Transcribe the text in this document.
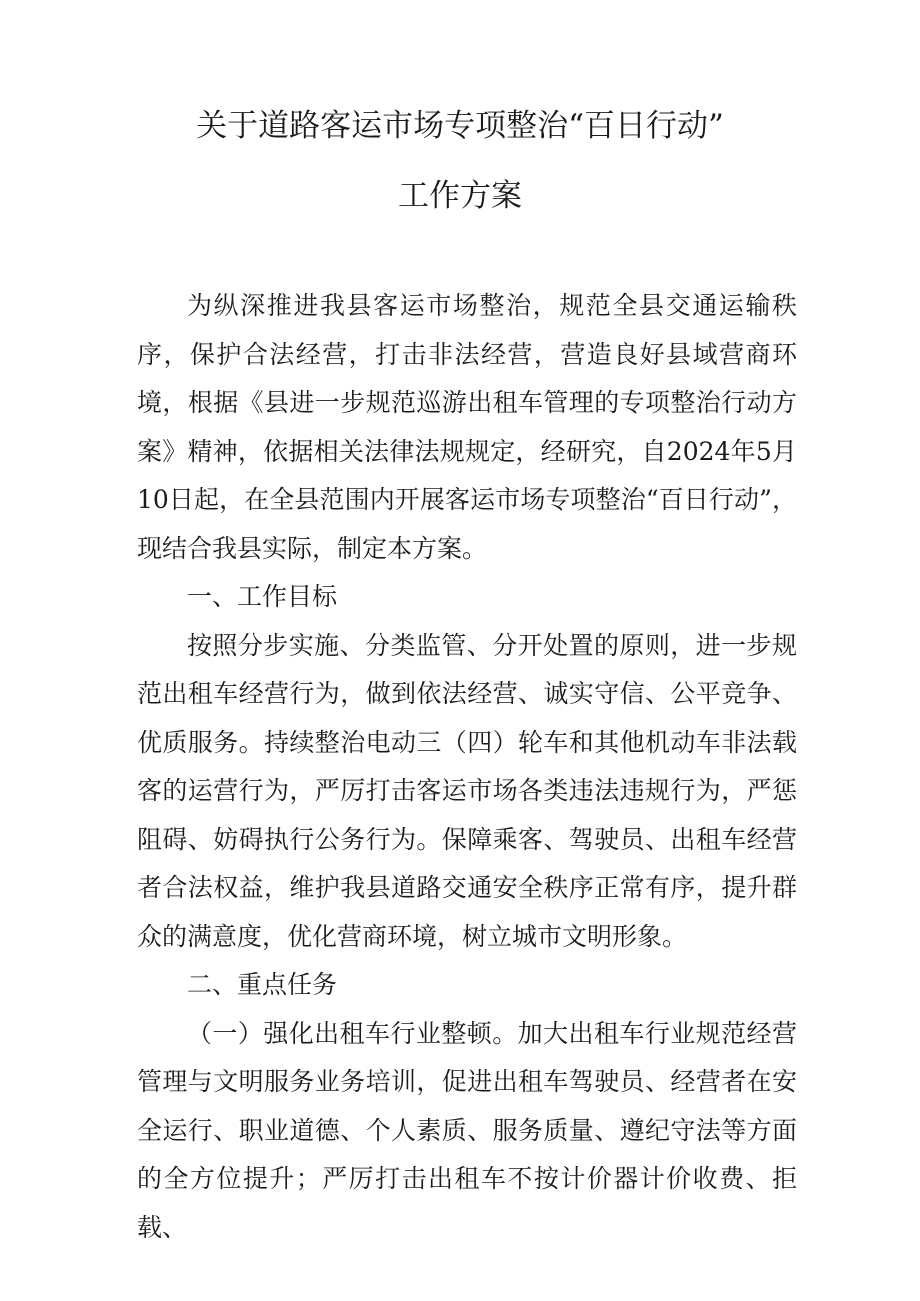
关于道路客运市场专项整治“百日行动”
工作方案

为纵深推进我县客运市场整治，规范全县交通运输秩序，保护合法经营，打击非法经营，营造良好县域营商环境，根据《县进一步规范巡游出租车管理的专项整治行动方案》精神，依据相关法律法规规定，经研究，自2024年5月10日起，在全县范围内开展客运市场专项整治“百日行动”，现结合我县实际，制定本方案。

一、工作目标

按照分步实施、分类监管、分开处置的原则，进一步规范出租车经营行为，做到依法经营、诚实守信、公平竞争、优质服务。持续整治电动三（四）轮车和其他机动车非法载客的运营行为，严厉打击客运市场各类违法违规行为，严惩阻碍、妨碍执行公务行为。保障乘客、驾驶员、出租车经营者合法权益，维护我县道路交通安全秩序正常有序，提升群众的满意度，优化营商环境，树立城市文明形象。

二、重点任务

（一）强化出租车行业整顿。加大出租车行业规范经营管理与文明服务业务培训，促进出租车驾驶员、经营者在安全运行、职业道德、个人素质、服务质量、遵纪守法等方面的全方位提升；严厉打击出租车不按计价器计价收费、拒载、
